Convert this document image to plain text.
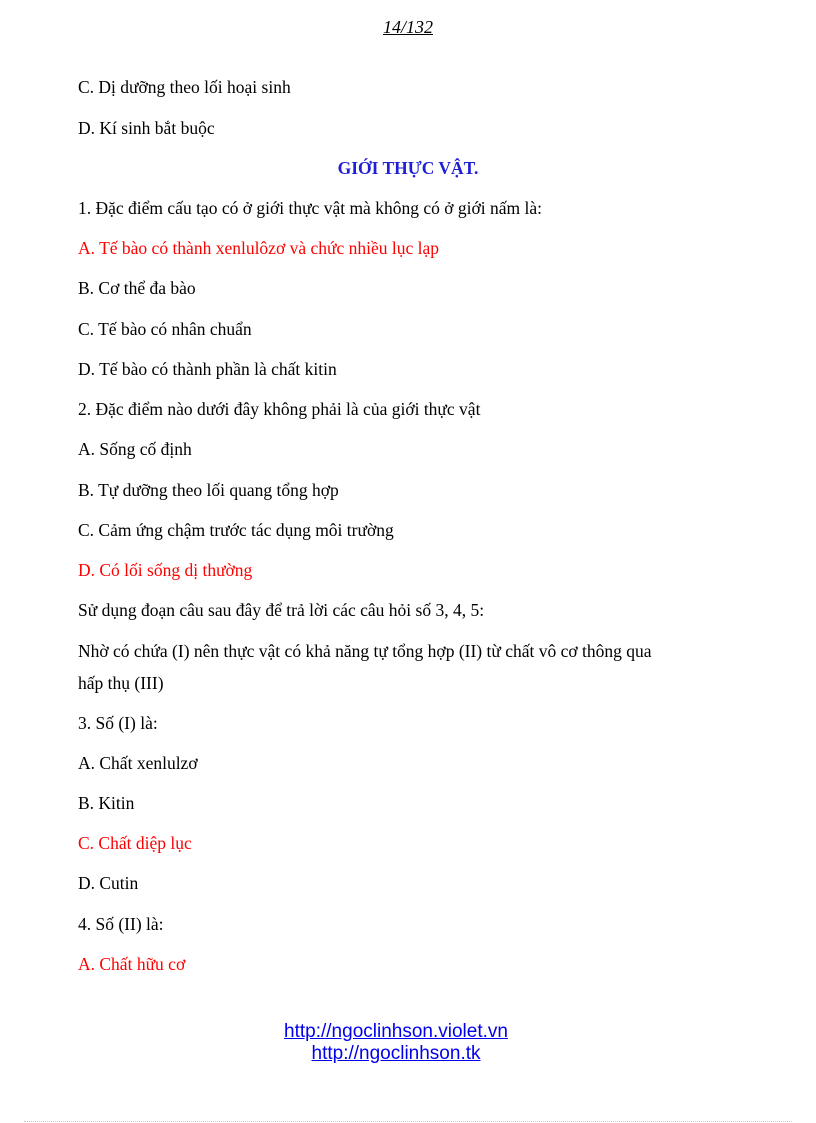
14/132
C. Dị dưỡng theo lối hoại sinh
D. Kí sinh bắt buộc
GIỚI THỰC VẬT.
1. Đặc điểm cấu tạo có ở giới thực vật mà không có ở giới nấm là:
A. Tế bào có thành xenlulôzơ và chức nhiều lục lạp
B. Cơ thể đa bào
C. Tế bào có nhân chuẩn
D. Tế bào có thành phần là chất kitin
2. Đặc điểm nào dưới đây không phải là của giới thực vật
A. Sống cố định
B. Tự dưỡng theo lối quang tổng hợp
C. Cảm ứng chậm trước tác dụng môi trường
D. Có lối sống dị thường
Sử dụng đoạn câu sau đây để trả lời các câu hỏi số 3, 4, 5:
Nhờ có chứa (I) nên thực vật có khả năng tự tổng hợp (II) từ chất vô cơ thông qua
hấp thụ (III)
3. Số (I) là:
A. Chất xenlulzơ
B. Kitin
C. Chất diệp lục
D. Cutin
4. Số (II) là:
A. Chất hữu cơ
http://ngoclinhson.violet.vn
http://ngoclinhson.tk
